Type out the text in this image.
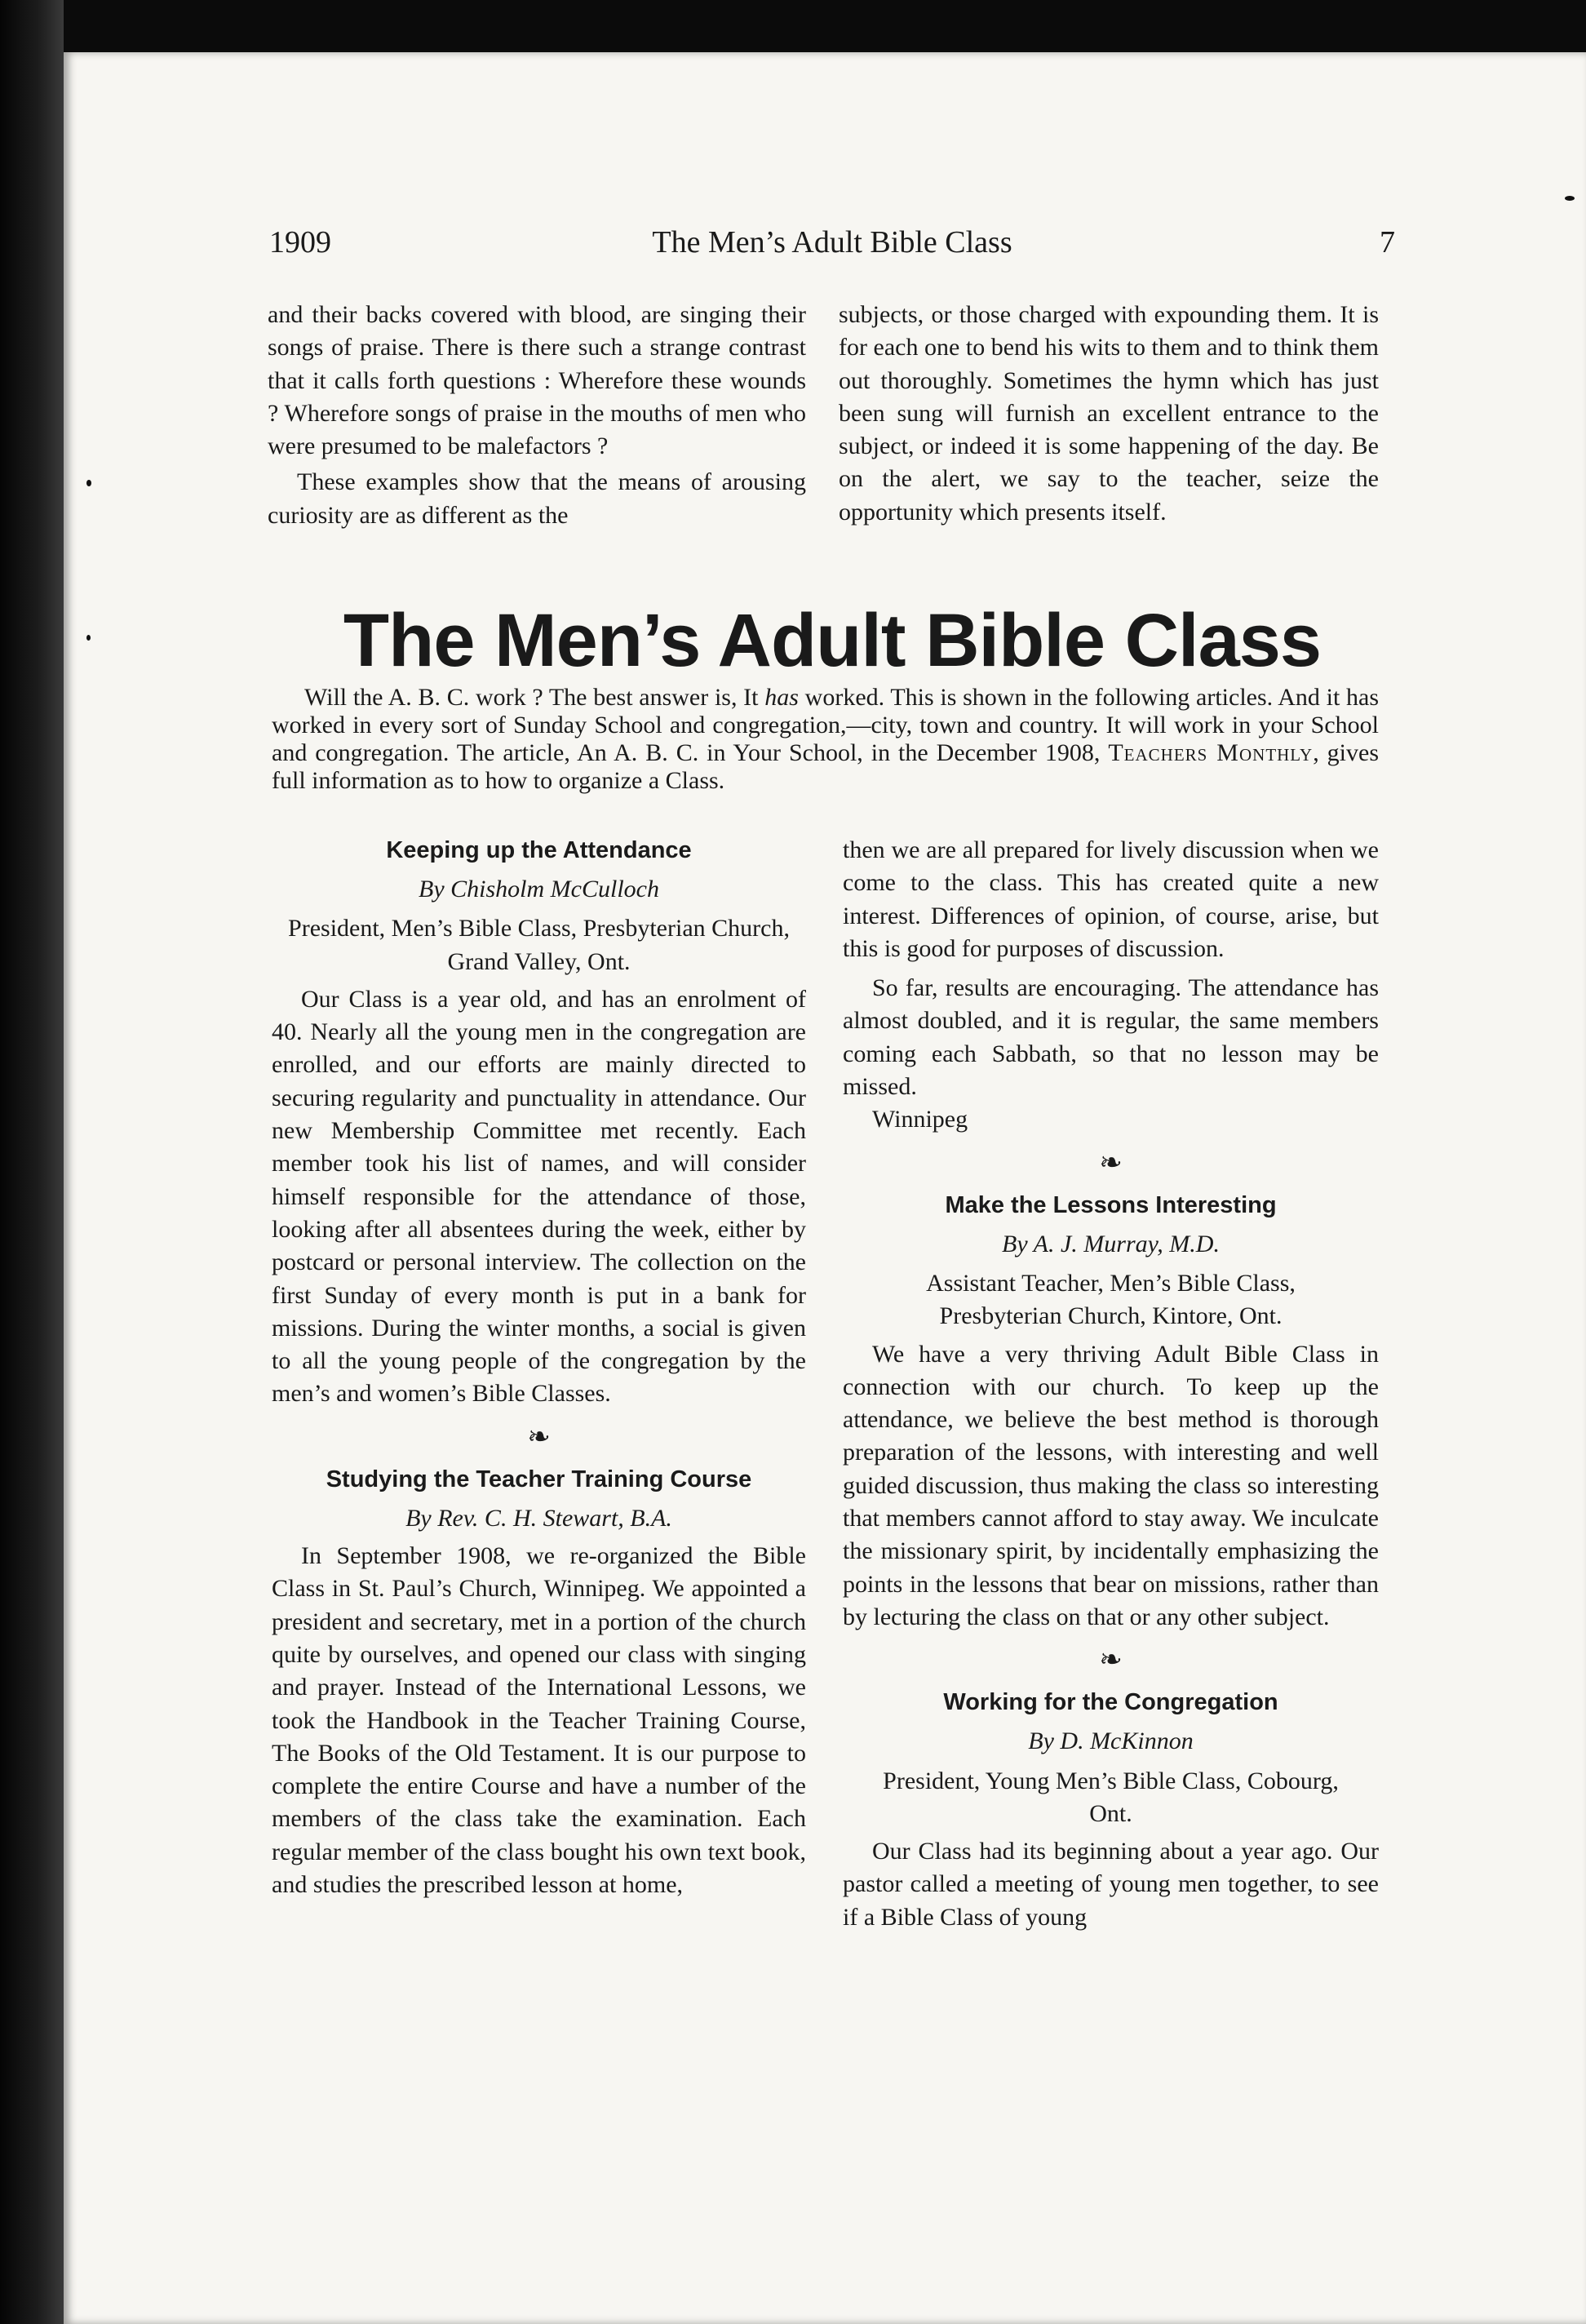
1909	The Men’s Adult Bible Class	7

and their backs covered with blood, are singing their songs of praise. There is there such a strange contrast that it calls forth questions : Wherefore these wounds ? Wherefore songs of praise in the mouths of men who were presumed to be malefactors ?

These examples show that the means of arousing curiosity are as different as the

subjects, or those charged with expounding them. It is for each one to bend his wits to them and to think them out thoroughly. Sometimes the hymn which has just been sung will furnish an excellent entrance to the subject, or indeed it is some happening of the day. Be on the alert, we say to the teacher, seize the opportunity which presents itself.

The Men’s Adult Bible Class
Will the A. B. C. work ? The best answer is, It has worked. This is shown in the following articles. And it has worked in every sort of Sunday School and congregation,—city, town and country. It will work in your School and congregation. The article, An A. B. C. in Your School, in the December 1908, Teachers Monthly, gives full information as to how to organize a Class.

Keeping up the Attendance

By Chisholm McCulloch

President, Men’s Bible Class, Presbyterian Church, Grand Valley, Ont.

Our Class is a year old, and has an enrolment of 40. Nearly all the young men in the congregation are enrolled, and our efforts are mainly directed to securing regularity and punctuality in attendance. Our new Membership Committee met recently. Each member took his list of names, and will consider himself responsible for the attendance of those, looking after all absentees during the week, either by postcard or personal interview. The collection on the first Sunday of every month is put in a bank for missions. During the winter months, a social is given to all the young people of the congregation by the men’s and women’s Bible Classes.

❧

Studying the Teacher Training Course

By Rev. C. H. Stewart, B.A.

In September 1908, we re-organized the Bible Class in St. Paul’s Church, Winnipeg. We appointed a president and secretary, met in a portion of the church quite by ourselves, and opened our class with singing and prayer. Instead of the International Lessons, we took the Handbook in the Teacher Training Course, The Books of the Old Testament. It is our purpose to complete the entire Course and have a number of the members of the class take the examination. Each regular member of the class bought his own text book, and studies the prescribed lesson at home,

then we are all prepared for lively discussion when we come to the class. This has created quite a new interest. Differences of opinion, of course, arise, but this is good for purposes of discussion.

So far, results are encouraging. The attendance has almost doubled, and it is regular, the same members coming each Sabbath, so that no lesson may be missed.

Winnipeg

❧

Make the Lessons Interesting

By A. J. Murray, M.D.

Assistant Teacher, Men’s Bible Class, Presbyterian Church, Kintore, Ont.

We have a very thriving Adult Bible Class in connection with our church. To keep up the attendance, we believe the best method is thorough preparation of the lessons, with interesting and well guided discussion, thus making the class so interesting that members cannot afford to stay away. We inculcate the missionary spirit, by incidentally emphasizing the points in the lessons that bear on missions, rather than by lecturing the class on that or any other subject.

❧

Working for the Congregation

By D. McKinnon

President, Young Men’s Bible Class, Cobourg, Ont.

Our Class had its beginning about a year ago. Our pastor called a meeting of young men together, to see if a Bible Class of young
